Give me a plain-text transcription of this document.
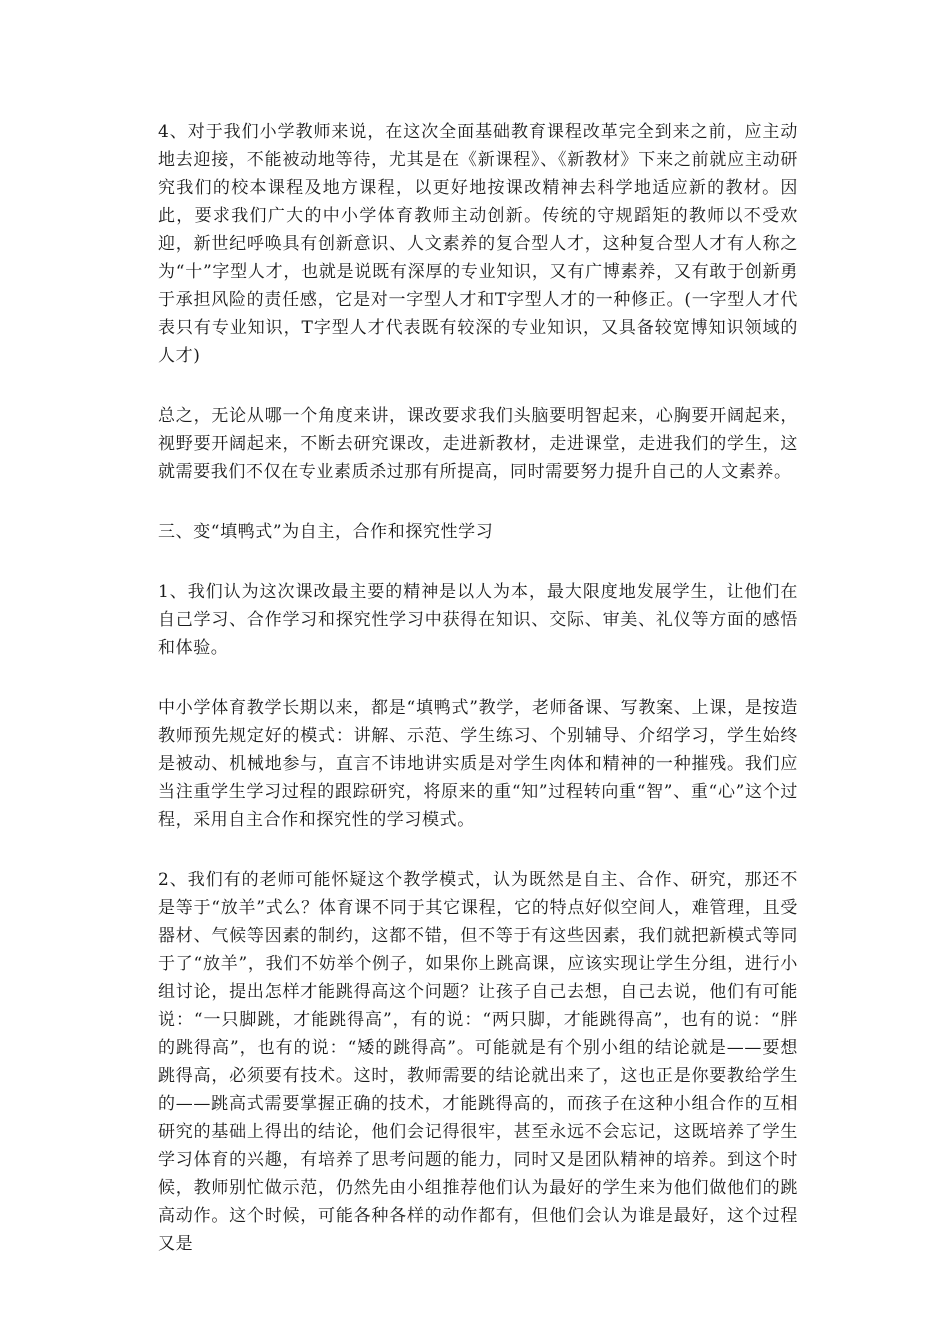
4、对于我们小学教师来说，在这次全面基础教育课程改革完全到来之前，应主动地去迎接，不能被动地等待，尤其是在《新课程》、《新教材》下来之前就应主动研究我们的校本课程及地方课程，以更好地按课改精神去科学地适应新的教材。因此，要求我们广大的中小学体育教师主动创新。传统的守规蹈矩的教师以不受欢迎，新世纪呼唤具有创新意识、人文素养的复合型人才，这种复合型人才有人称之为“十”字型人才，也就是说既有深厚的专业知识，又有广博素养，又有敢于创新勇于承担风险的责任感，它是对一字型人才和T字型人才的一种修正。(一字型人才代表只有专业知识，T字型人才代表既有较深的专业知识，又具备较宽博知识领域的人才)

总之，无论从哪一个角度来讲，课改要求我们头脑要明智起来，心胸要开阔起来，视野要开阔起来，不断去研究课改，走进新教材，走进课堂，走进我们的学生，这就需要我们不仅在专业素质杀过那有所提高，同时需要努力提升自己的人文素养。

三、变“填鸭式”为自主，合作和探究性学习

1、我们认为这次课改最主要的精神是以人为本，最大限度地发展学生，让他们在自己学习、合作学习和探究性学习中获得在知识、交际、审美、礼仪等方面的感悟和体验。

中小学体育教学长期以来，都是“填鸭式”教学，老师备课、写教案、上课，是按造教师预先规定好的模式：讲解、示范、学生练习、个别辅导、介绍学习，学生始终是被动、机械地参与，直言不讳地讲实质是对学生肉体和精神的一种摧残。我们应当注重学生学习过程的跟踪研究，将原来的重“知”过程转向重“智”、重“心”这个过程，采用自主合作和探究性的学习模式。

2、我们有的老师可能怀疑这个教学模式，认为既然是自主、合作、研究，那还不是等于“放羊”式么？体育课不同于其它课程，它的特点好似空间人，难管理，且受器材、气候等因素的制约，这都不错，但不等于有这些因素，我们就把新模式等同于了“放羊”，我们不妨举个例子，如果你上跳高课，应该实现让学生分组，进行小组讨论，提出怎样才能跳得高这个问题？让孩子自己去想，自己去说，他们有可能说：“一只脚跳，才能跳得高”，有的说：“两只脚，才能跳得高”，也有的说：“胖的跳得高”，也有的说：“矮的跳得高”。可能就是有个别小组的结论就是——要想跳得高，必须要有技术。这时，教师需要的结论就出来了，这也正是你要教给学生的——跳高式需要掌握正确的技术，才能跳得高的，而孩子在这种小组合作的互相研究的基础上得出的结论，他们会记得很牢，甚至永远不会忘记，这既培养了学生学习体育的兴趣，有培养了思考问题的能力，同时又是团队精神的培养。到这个时候，教师别忙做示范，仍然先由小组推荐他们认为最好的学生来为他们做他们的跳高动作。这个时候，可能各种各样的动作都有，但他们会认为谁是最好，这个过程又是
